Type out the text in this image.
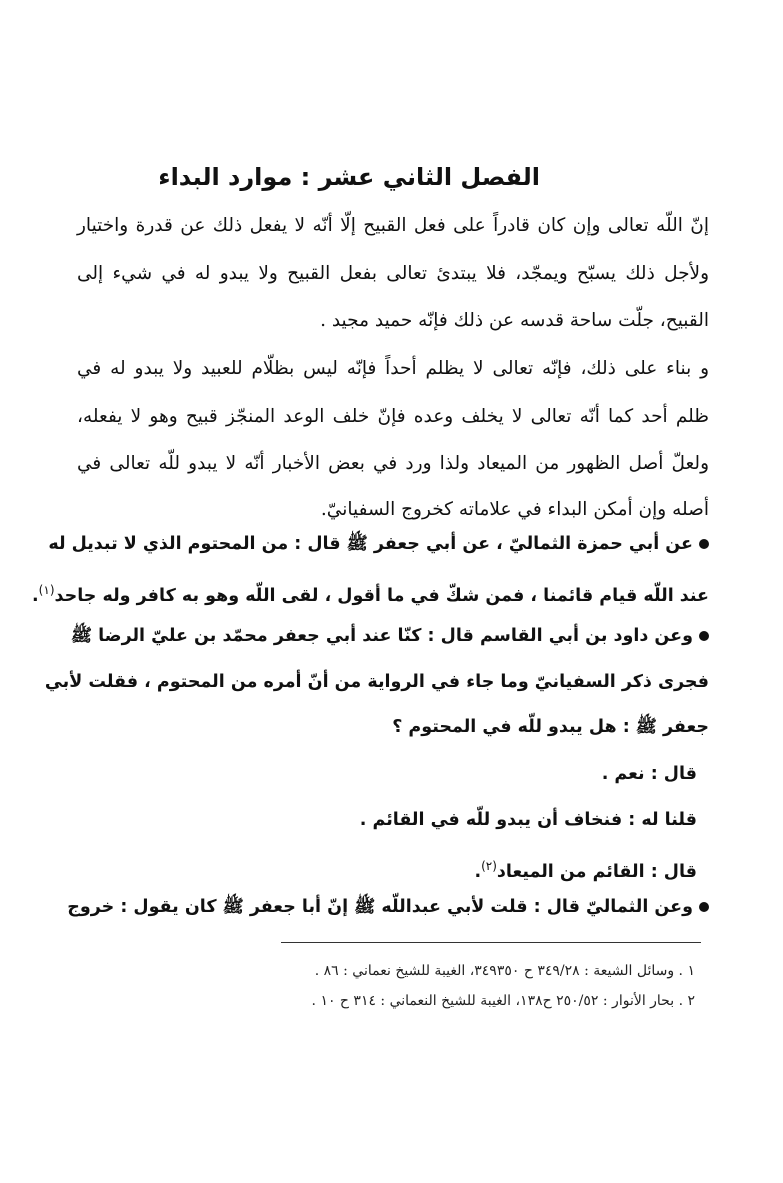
الفصل الثاني عشر : موارد البداء
إنّ اللّه تعالى وإن كان قادراً على فعل القبيح إلّا أنّه لا يفعل ذلك عن قدرة واختيار
ولأجل ذلك يسبّح ويمجّد، فلا يبتدئ تعالى بفعل القبيح ولا يبدو له في شيء إلى
القبيح، جلّت ساحة قدسه عن ذلك فإنّه حميد مجيد .
و بناء على ذلك، فإنّه تعالى لا يظلم أحداً فإنّه ليس بظلّام للعبيد ولا يبدو له في
ظلم أحد كما أنّه تعالى لا يخلف وعده فإنّ خلف الوعد المنجّز قبيح وهو لا يفعله،
ولعلّ أصل الظهور من الميعاد ولذا ورد في بعض الأخبار أنّه لا يبدو للّه تعالى في
أصله وإن أمكن البداء في علاماته كخروج السفيانيّ.
عن أبي حمزة الثماليّ ، عن أبي جعفر ﷺ قال : من المحتوم الذي لا تبديل له
عند اللّه قيام قائمنا ، فمن شكّ في ما أقول ، لقى اللّه وهو به كافر وله جاحد$^{(١)}$.
وعن داود بن أبي القاسم قال : كنّا عند أبي جعفر محمّد بن عليّ الرضا ﷺ
فجرى ذكر السفيانيّ وما جاء في الرواية من أنّ أمره من المحتوم ، فقلت لأبي
جعفر ﷺ : هل يبدو للّه في المحتوم ؟
قال : نعم .
قلنا له : فنخاف أن يبدو للّه في القائم .
قال : القائم من الميعاد$^{(٢)}$.
وعن الثماليّ قال : قلت لأبي عبداللّه ﷺ إنّ أبا جعفر ﷺ كان يقول : خروج
١ . وسائل الشيعة : ٣٤٩/٢٨ ح ٣٤٩٣٥٠، الغيبة للشيخ نعماني : ٨٦ .
٢ . بحار الأنوار : ٢٥٠/٥٢ ح١٣٨، الغيبة للشيخ النعماني : ٣١٤ ح ١٠ .
